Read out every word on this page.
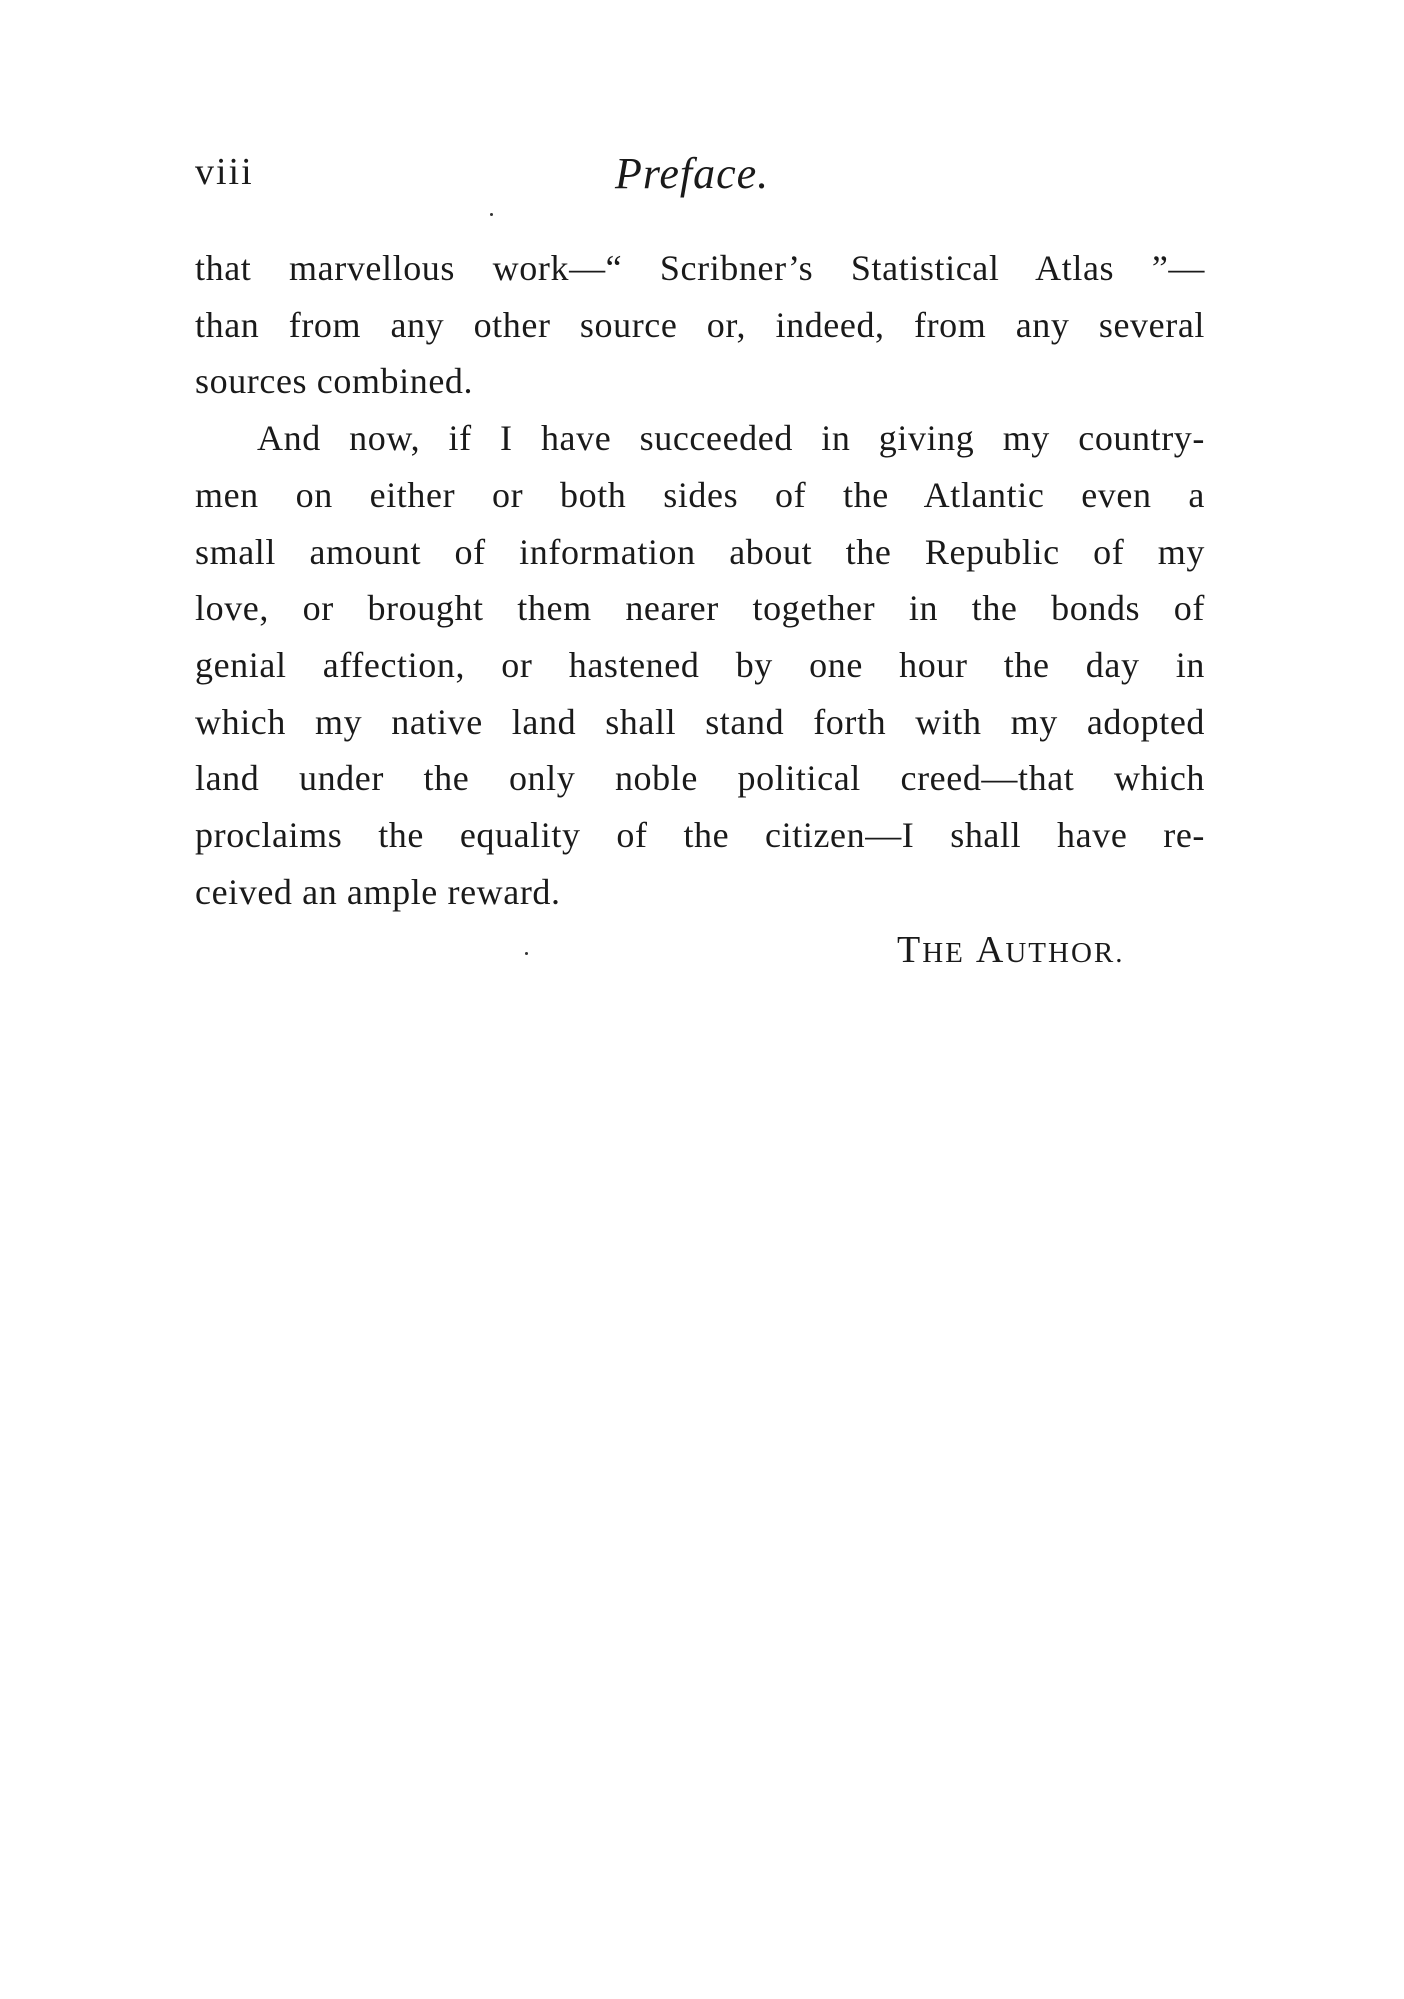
viii	Preface.
that marvellous work—“ Scribner’s Statistical Atlas ”—
than from any other source or, indeed, from any several
sources combined.
And now, if I have succeeded in giving my country-
men on either or both sides of the Atlantic even a
small amount of information about the Republic of my
love, or brought them nearer together in the bonds of
genial affection, or hastened by one hour the day in
which my native land shall stand forth with my adopted
land under the only noble political creed—that which
proclaims the equality of the citizen—I shall have re-
ceived an ample reward.
THE AUTHOR.
